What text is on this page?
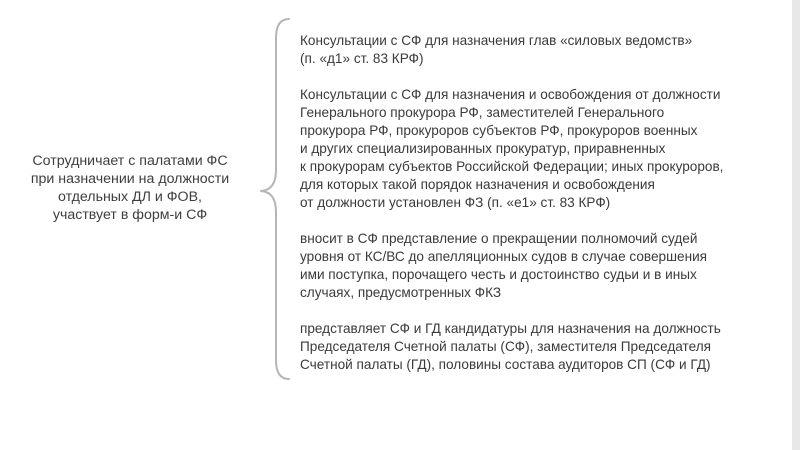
Сотрудничает с палатами ФС
при назначении на должности
отдельных ДЛ и ФОВ,
участвует в форм-и СФ
Консультации с СФ для назначения глав «силовых ведомств»
(п. «д1» ст. 83 КРФ)
Консультации с СФ для назначения и освобождения от должности
Генерального прокурора РФ, заместителей Генерального
прокурора РФ, прокуроров субъектов РФ, прокуроров военных
и других специализированных прокуратур, приравненных
к прокурорам субъектов Российской Федерации; иных прокуроров,
для которых такой порядок назначения и освобождения
от должности установлен ФЗ (п. «е1» ст. 83 КРФ)
вносит в СФ представление о прекращении полномочий судей
уровня от КС/ВС до апелляционных судов в случае совершения
ими поступка, порочащего честь и достоинство судьи и в иных
случаях, предусмотренных ФКЗ
представляет СФ и ГД кандидатуры для назначения на должность
Председателя Счетной палаты (СФ), заместителя Председателя
Счетной палаты (ГД), половины состава аудиторов СП (СФ и ГД)
